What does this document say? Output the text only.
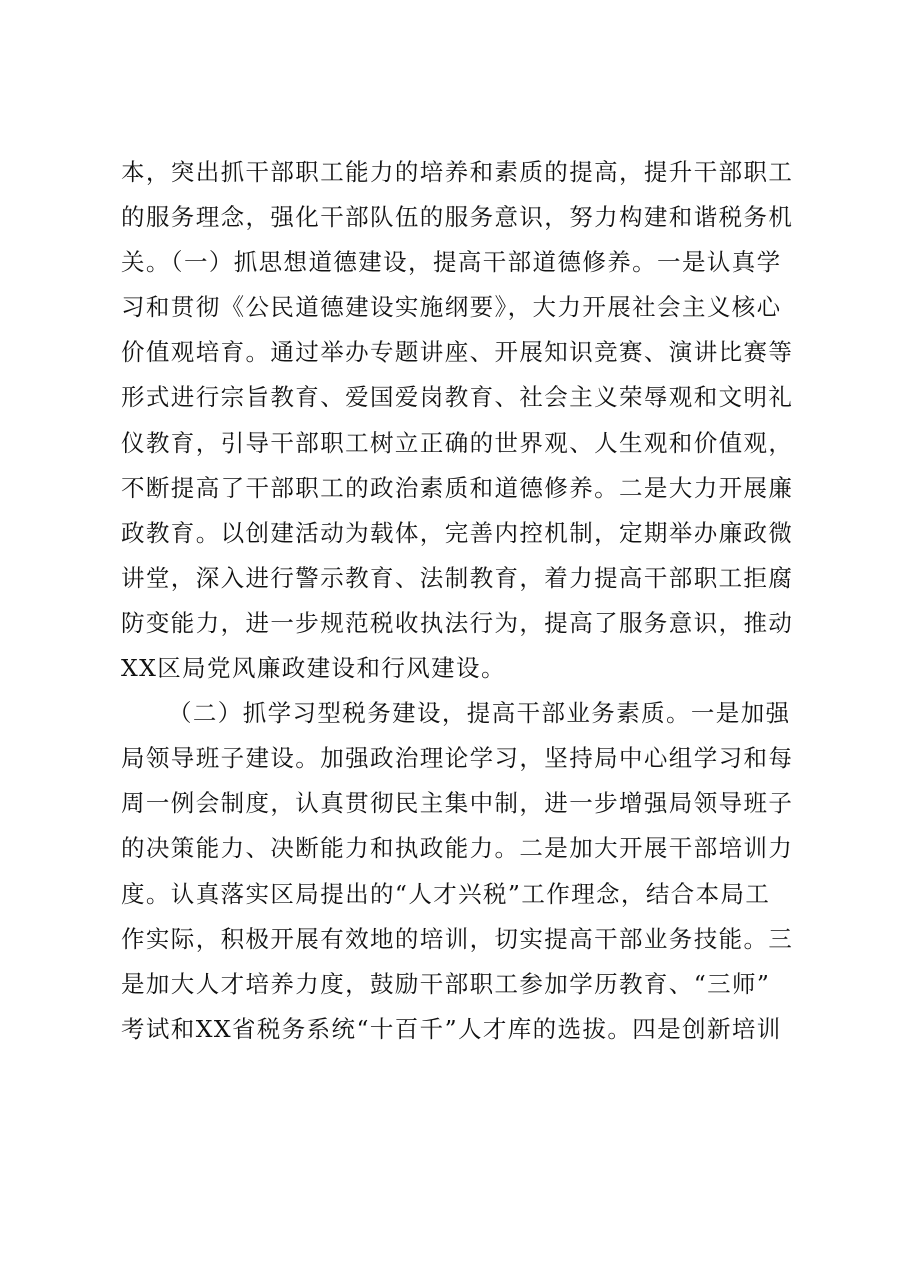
本，突出抓干部职工能力的培养和素质的提高，提升干部职工

的服务理念，强化干部队伍的服务意识，努力构建和谐税务机

关。（一）抓思想道德建设，提高干部道德修养。一是认真学

习和贯彻《公民道德建设实施纲要》，大力开展社会主义核心

价值观培育。通过举办专题讲座、开展知识竞赛、演讲比赛等

形式进行宗旨教育、爱国爱岗教育、社会主义荣辱观和文明礼

仪教育，引导干部职工树立正确的世界观、人生观和价值观，

不断提高了干部职工的政治素质和道德修养。二是大力开展廉

政教育。以创建活动为载体，完善内控机制，定期举办廉政微

讲堂，深入进行警示教育、法制教育，着力提高干部职工拒腐

防变能力，进一步规范税收执法行为，提高了服务意识，推动

XX区局党风廉政建设和行风建设。

（二）抓学习型税务建设，提高干部业务素质。一是加强

局领导班子建设。加强政治理论学习，坚持局中心组学习和每

周一例会制度，认真贯彻民主集中制，进一步增强局领导班子

的决策能力、决断能力和执政能力。二是加大开展干部培训力

度。认真落实区局提出的“人才兴税”工作理念，结合本局工

作实际，积极开展有效地的培训，切实提高干部业务技能。三

是加大人才培养力度，鼓励干部职工参加学历教育、“三师”

考试和XX省税务系统“十百千”人才库的选拔。四是创新培训
